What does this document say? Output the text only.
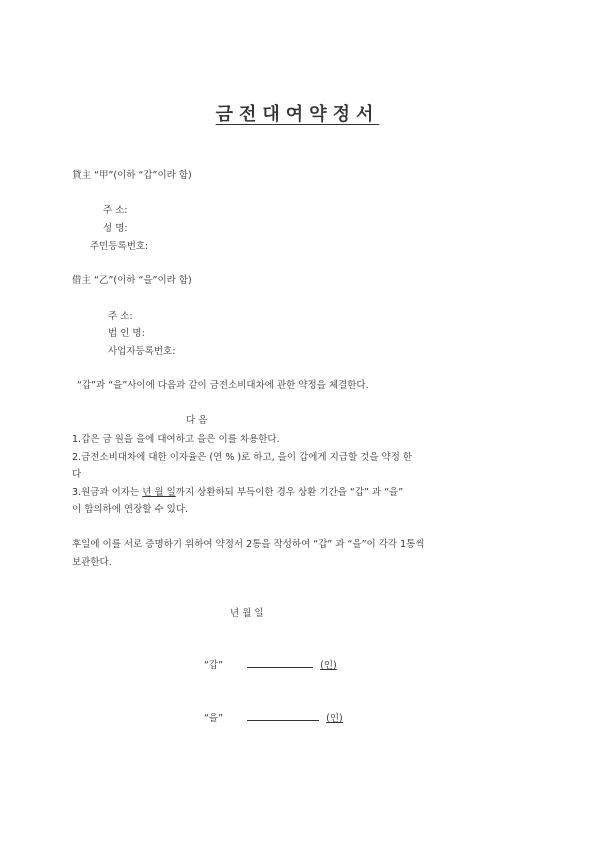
금전대여약정서
貸主 “甲”(이하 “갑”이라 함)
주 소:
성 명:
주민등록번호:
借主 “乙”(이하 “을”이라 함)
주 소:
법 인 명:
사업자등록번호:
“갑”과 “을”사이에 다음과 같이 금전소비대차에 관한 약정을 체결한다.
다 음
1.갑은 금 원을 을에 대여하고 을은 이를 차용한다.
2.금전소비대차에 대한 이자율은 (연 % )로 하고, 을이 갑에게 지급할 것을 약정 한
다
3.원금과 이자는 년 월 일까지 상환하되 부득이한 경우 상환 기간을 “갑” 과 “을”
이 합의하에 연장할 수 있다.
후일에 이를 서로 증명하기 위하여 약정서 2통을 작성하여 “갑” 과 “을”이 각각 1통씩
보관한다.
년 월 일
“갑”	(인)
“을”	(인)
